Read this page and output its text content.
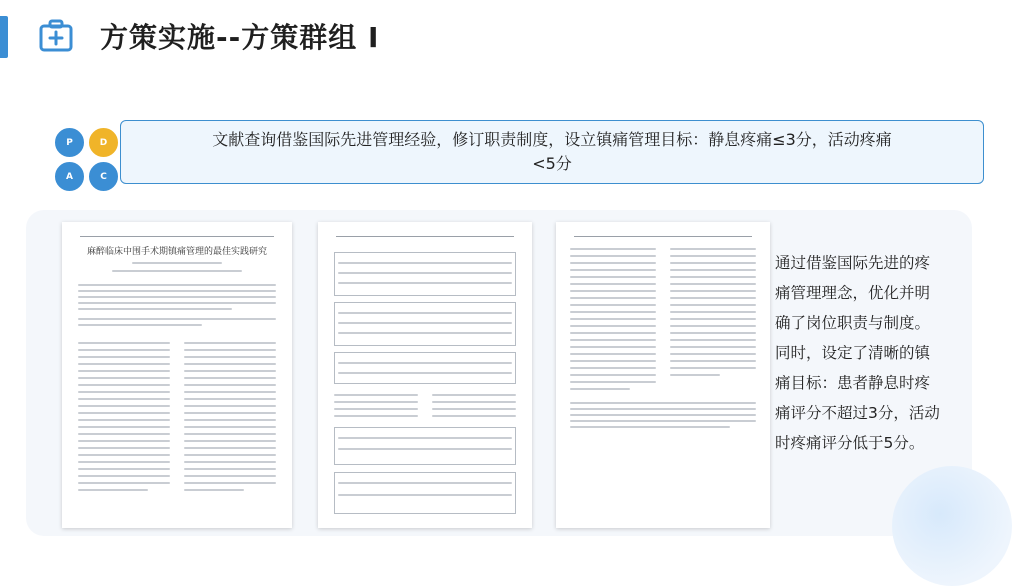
方策实施--方策群组 I
P	D
A	C
文献查询借鉴国际先进管理经验，修订职责制度，设立镇痛管理目标：静息疼痛≤3分，活动疼痛<5分
麻醉临床中围手术期镇痛管理的最佳实践研究
通过借鉴国际先进的疼痛管理理念，优化并明确了岗位职责与制度。同时，设定了清晰的镇痛目标：患者静息时疼痛评分不超过3分，活动时疼痛评分低于5分。
